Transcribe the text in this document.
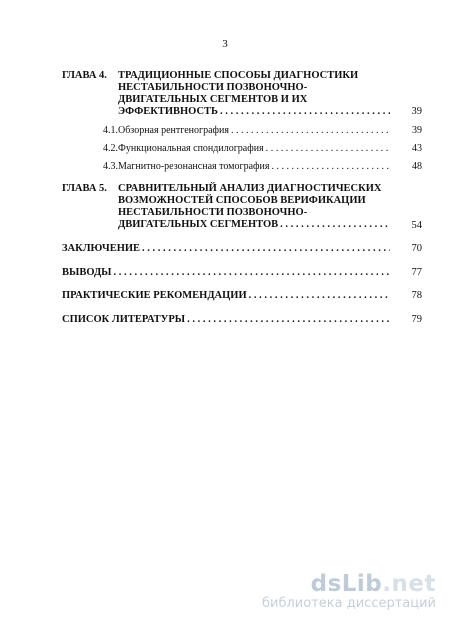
3
ГЛАВА 4. ТРАДИЦИОННЫЕ СПОСОБЫ ДИАГНОСТИКИ
НЕСТАБИЛЬНОСТИ ПОЗВОНОЧНО-
ДВИГАТЕЛЬНЫХ СЕГМЕНТОВ И ИХ
ЭФФЕКТИВНОСТЬ . . .	39
4.1. Обзорная рентгенография . . .	39
4.2. Функциональная спондилография . . .	43
4.3. Магнитно-резонансная томография . . .	48
ГЛАВА 5. СРАВНИТЕЛЬНЫЙ АНАЛИЗ ДИАГНОСТИЧЕСКИХ
ВОЗМОЖНОСТЕЙ СПОСОБОВ ВЕРИФИКАЦИИ
НЕСТАБИЛЬНОСТИ ПОЗВОНОЧНО-
ДВИГАТЕЛЬНЫХ СЕГМЕНТОВ . . .	54
ЗАКЛЮЧЕНИЕ . . .	70
ВЫВОДЫ . . .	77
ПРАКТИЧЕСКИЕ РЕКОМЕНДАЦИИ . . .	78
СПИСОК ЛИТЕРАТУРЫ . . .	79
dsLib.net
библиотека диссертаций
